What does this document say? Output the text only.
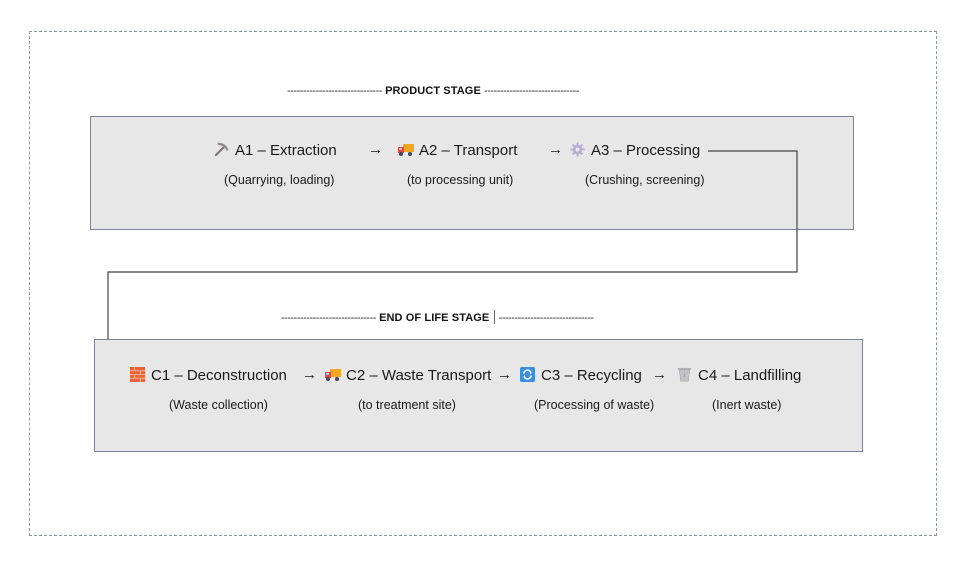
------------------------------ PRODUCT STAGE ------------------------------
A1 – Extraction
(Quarrying, loading)
→	A2 – Transport
(to processing unit)
→	A3 – Processing
(Crushing, screening)
------------------------------ END OF LIFE STAGE ------------------------------
C1 – Deconstruction
(Waste collection)
→	C2 – Waste Transport
(to treatment site)
→	C3 – Recycling
(Processing of waste)
→	C4 – Landfilling
(Inert waste)
